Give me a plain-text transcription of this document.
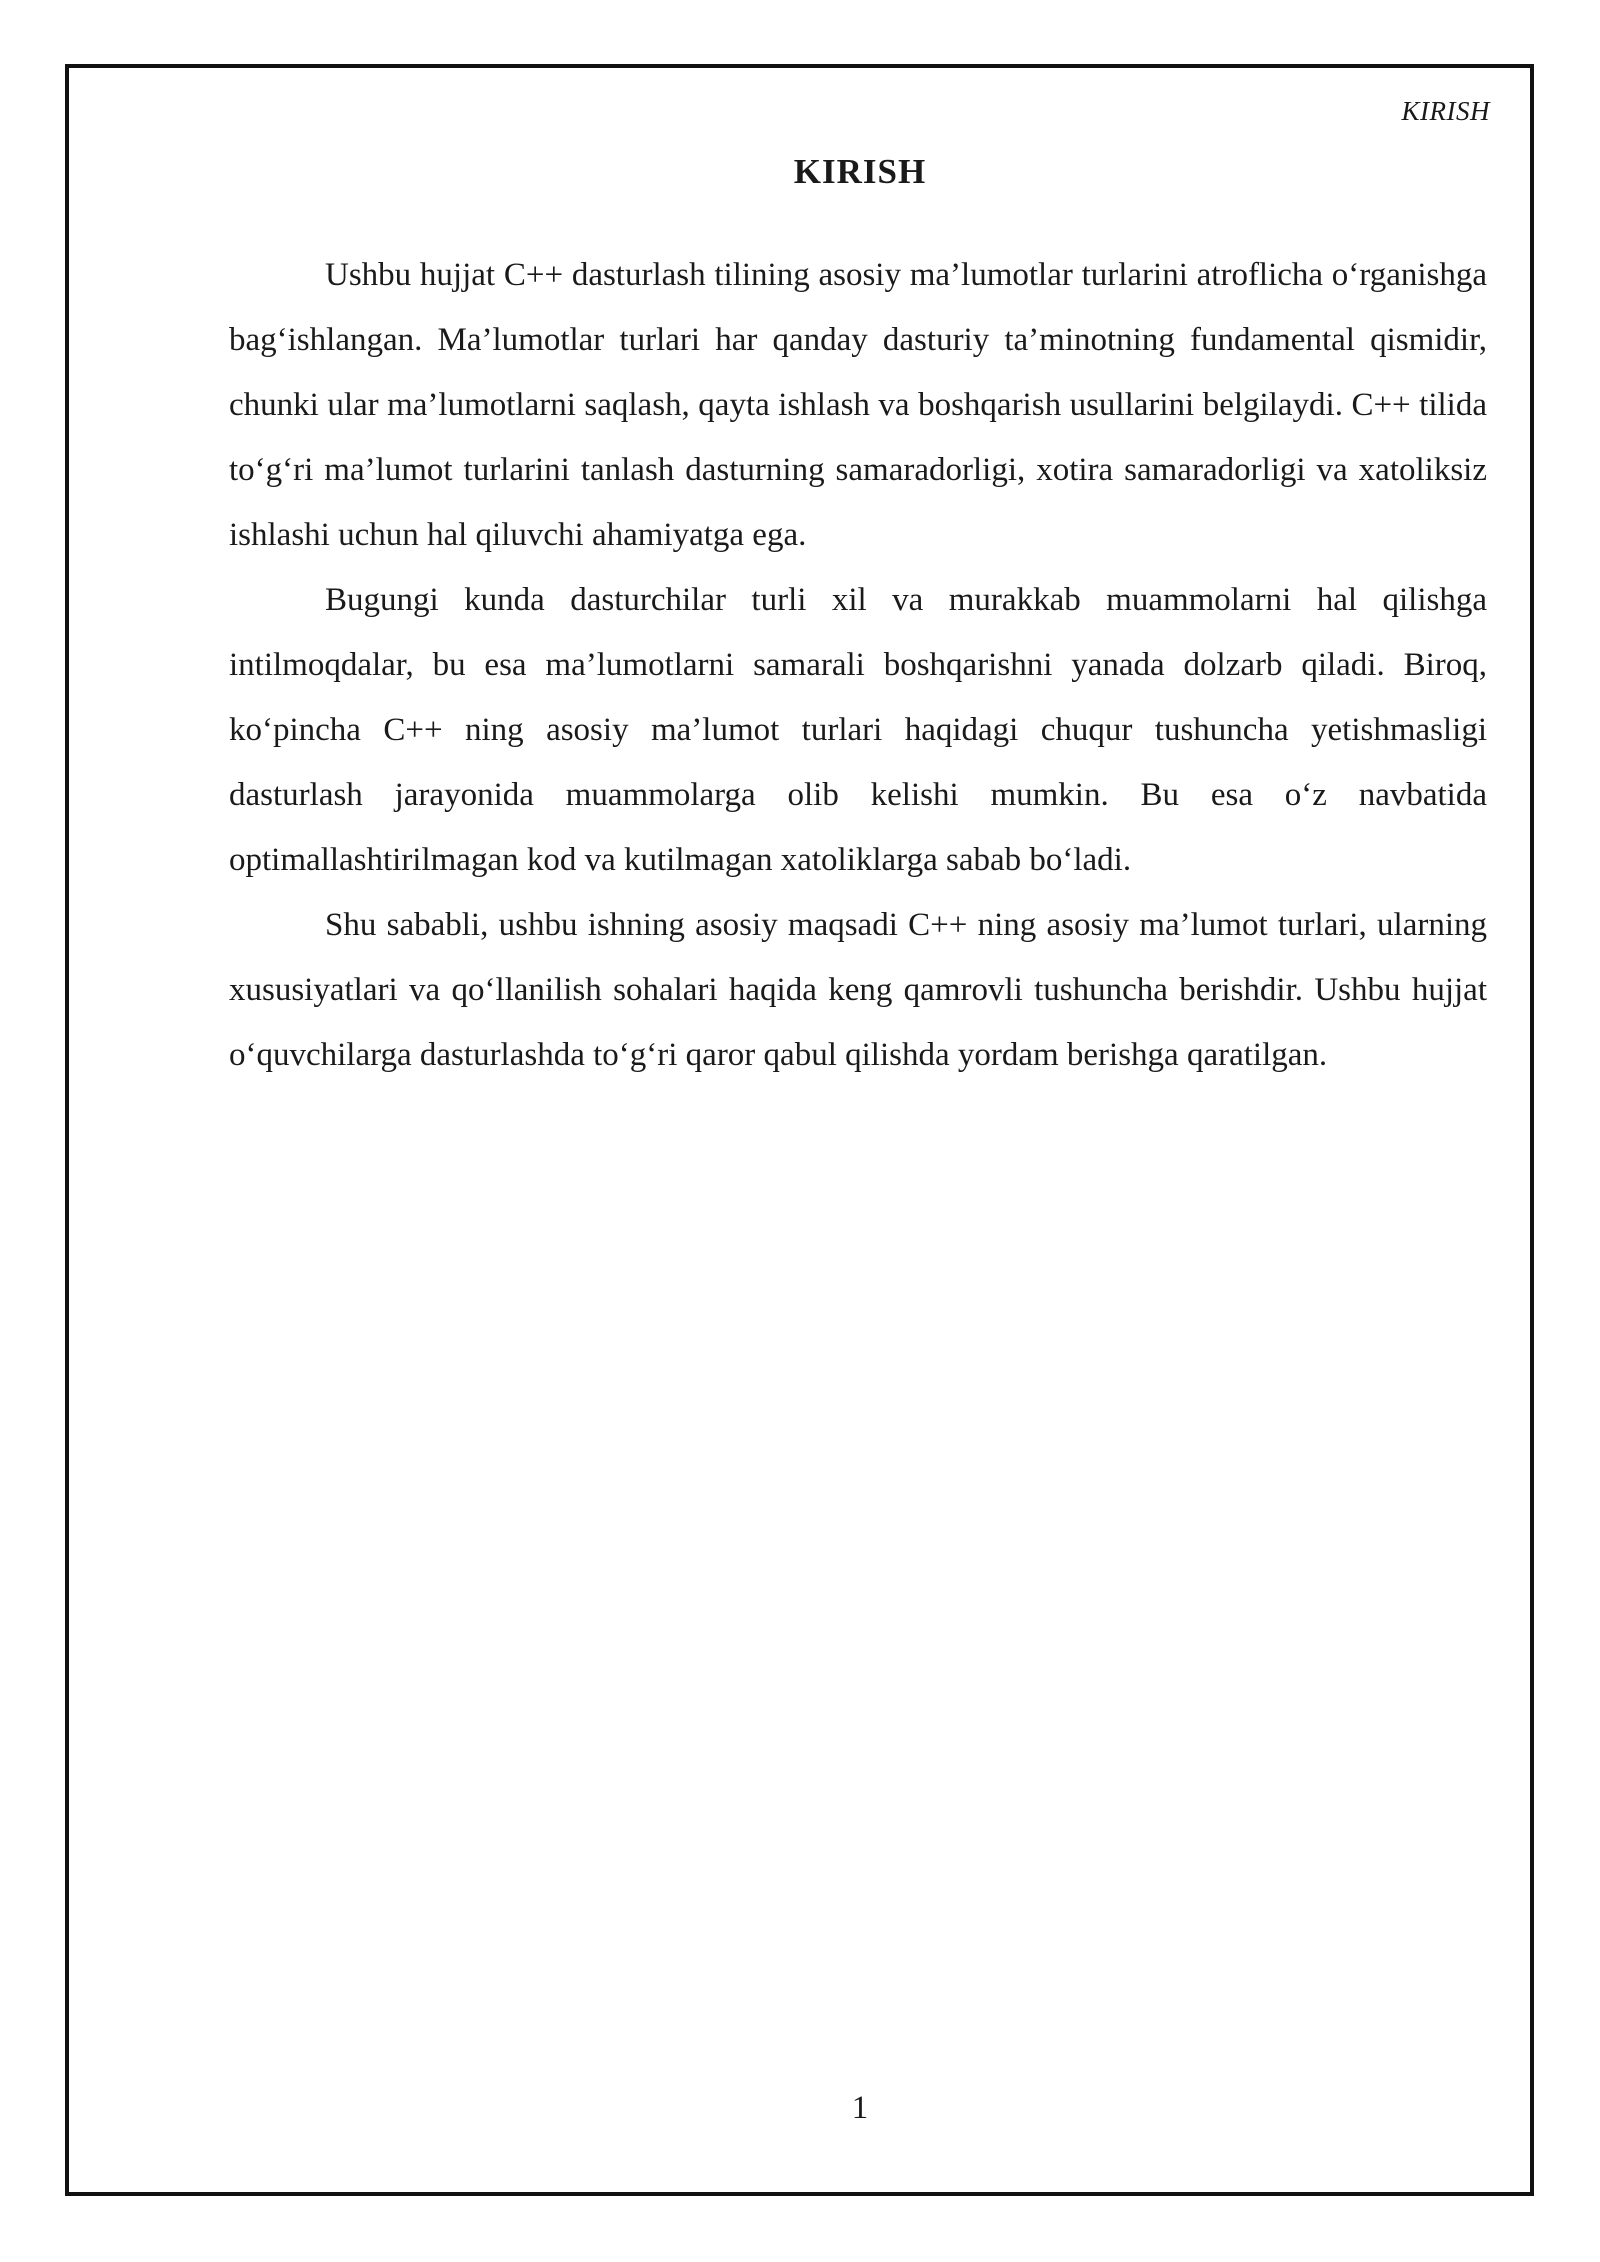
KIRISH
KIRISH

Ushbu hujjat C++ dasturlash tilining asosiy ma’lumotlar turlarini atroflicha o‘rganishga bag‘ishlangan. Ma’lumotlar turlari har qanday dasturiy ta’minotning fundamental qismidir, chunki ular ma’lumotlarni saqlash, qayta ishlash va boshqarish usullarini belgilaydi. C++ tilida to‘g‘ri ma’lumot turlarini tanlash dasturning samaradorligi, xotira samaradorligi va xatoliksiz ishlashi uchun hal qiluvchi ahamiyatga ega.

Bugungi kunda dasturchilar turli xil va murakkab muammolarni hal qilishga intilmoqdalar, bu esa ma’lumotlarni samarali boshqarishni yanada dolzarb qiladi. Biroq, ko‘pincha C++ ning asosiy ma’lumot turlari haqidagi chuqur tushuncha yetishmasligi dasturlash jarayonida muammolarga olib kelishi mumkin. Bu esa o‘z navbatida optimallashtirilmagan kod va kutilmagan xatoliklarga sabab bo‘ladi.

Shu sababli, ushbu ishning asosiy maqsadi C++ ning asosiy ma’lumot turlari, ularning xususiyatlari va qo‘llanilish sohalari haqida keng qamrovli tushuncha berishdir. Ushbu hujjat o‘quvchilarga dasturlashda to‘g‘ri qaror qabul qilishda yordam berishga qaratilgan.

1
